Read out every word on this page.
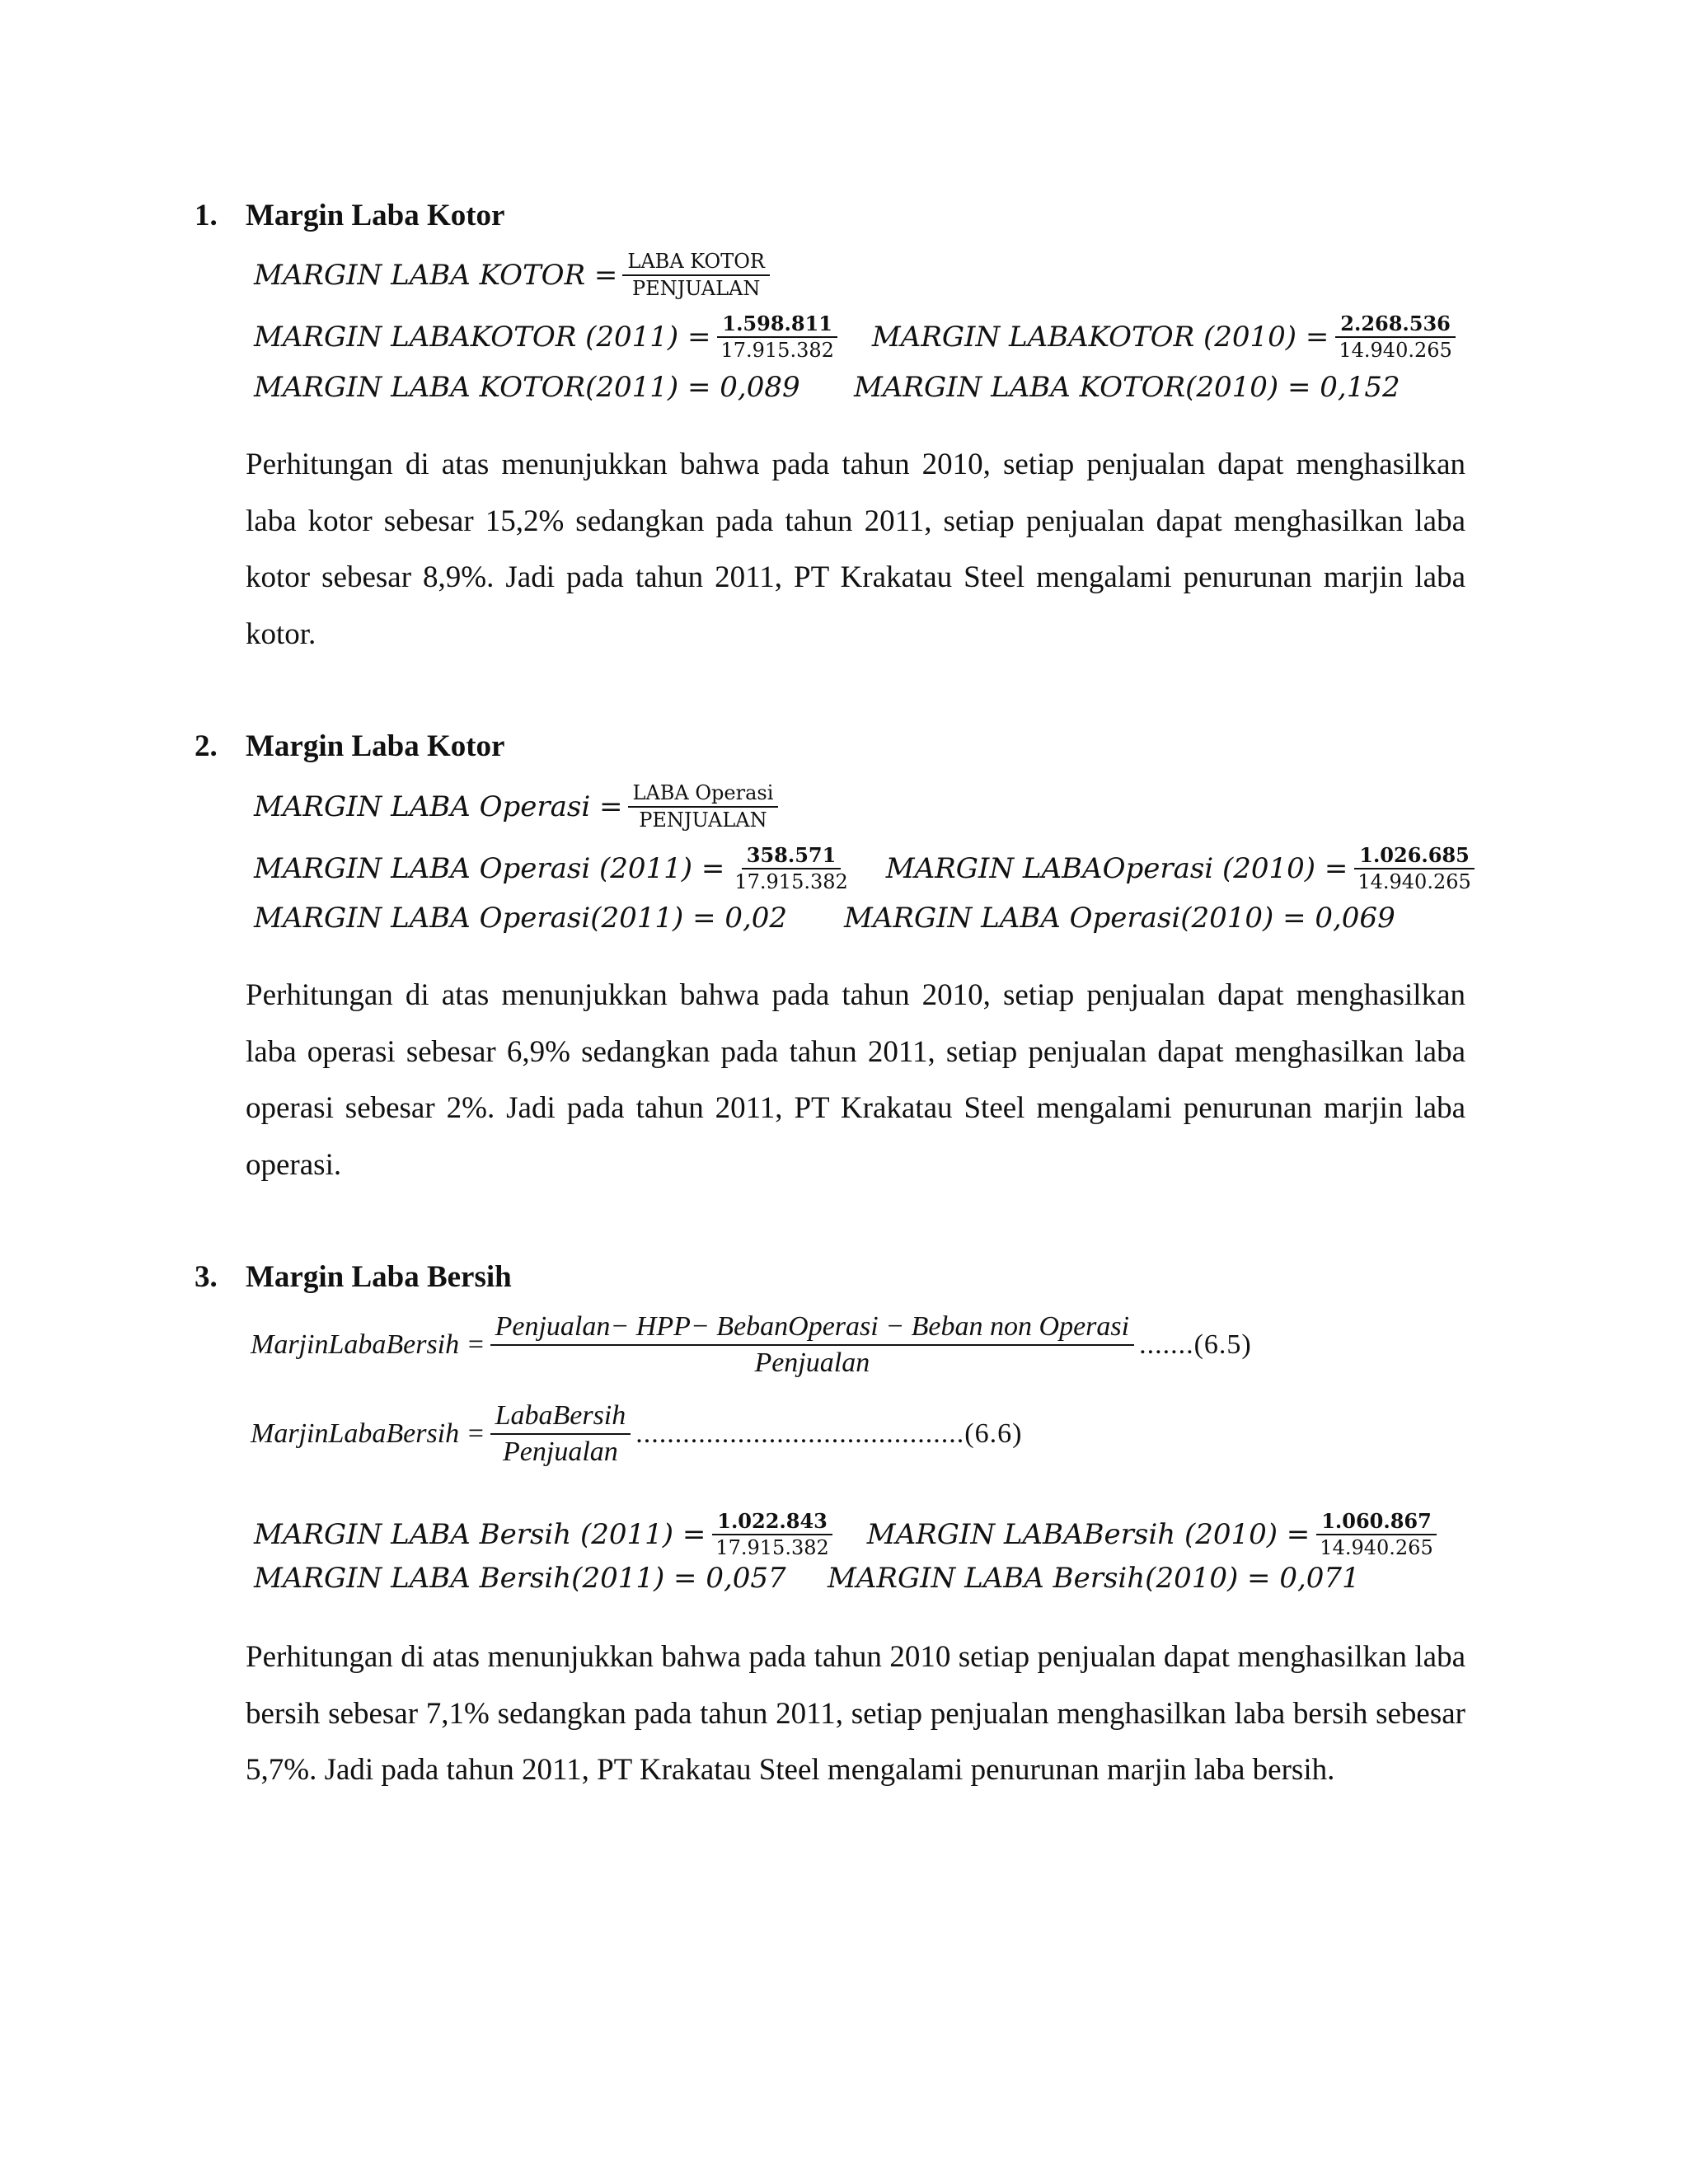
1. Margin Laba Kotor
MARGIN LABA KOTOR = $\frac{\text{LABA KOTOR}}{\text{PENJUALAN}}$
MARGIN LABAKOTOR $(2011) = \frac{1.598.811}{17.915.382}$ MARGIN LABAKOTOR $(2010) = \frac{2.268.536}{14.940.265}$
MARGIN LABA KOTOR(2011) = 0,089 MARGIN LABA KOTOR(2010) = 0,152

Perhitungan di atas menunjukkan bahwa pada tahun 2010, setiap penjualan dapat menghasilkan laba kotor sebesar 15,2% sedangkan pada tahun 2011, setiap penjualan dapat menghasilkan laba kotor sebesar 8,9%. Jadi pada tahun 2011, PT Krakatau Steel mengalami penurunan marjin laba kotor.

2. Margin Laba Kotor
MARGIN LABA Operasi = $\frac{\text{LABA Operasi}}{\text{PENJUALAN}}$
MARGIN LABA Operasi $(2011) = \frac{358.571}{17.915.382}$ MARGIN LABAOperasi $(2010) = \frac{1.026.685}{14.940.265}$
MARGIN LABA Operasi(2011) = 0,02 MARGIN LABA Operasi(2010) = 0,069

Perhitungan di atas menunjukkan bahwa pada tahun 2010, setiap penjualan dapat menghasilkan laba operasi sebesar 6,9% sedangkan pada tahun 2011, setiap penjualan dapat menghasilkan laba operasi sebesar 2%. Jadi pada tahun 2011, PT Krakatau Steel mengalami penurunan marjin laba operasi.

3. Margin Laba Bersih
MarjinLabaBersih = $\frac{\text{Penjualan− HPP− BebanOperasi − Beban non Operasi}}{\text{Penjualan}} .......(6.5)$
MarjinLabaBersih = $\frac{\text{LabaBersih}}{\text{Penjualan}} ..........................................(6.6)$
MARGIN LABA Bersih $(2011) = \frac{1.022.843}{17.915.382}$ MARGIN LABABersih $(2010) = \frac{1.060.867}{14.940.265}$
MARGIN LABA Bersih(2011) = 0,057 MARGIN LABA Bersih(2010) = 0,071

Perhitungan di atas menunjukkan bahwa pada tahun 2010 setiap penjualan dapat menghasilkan laba bersih sebesar 7,1% sedangkan pada tahun 2011, setiap penjualan menghasilkan laba bersih sebesar 5,7%. Jadi pada tahun 2011, PT Krakatau Steel mengalami penurunan marjin laba bersih.
